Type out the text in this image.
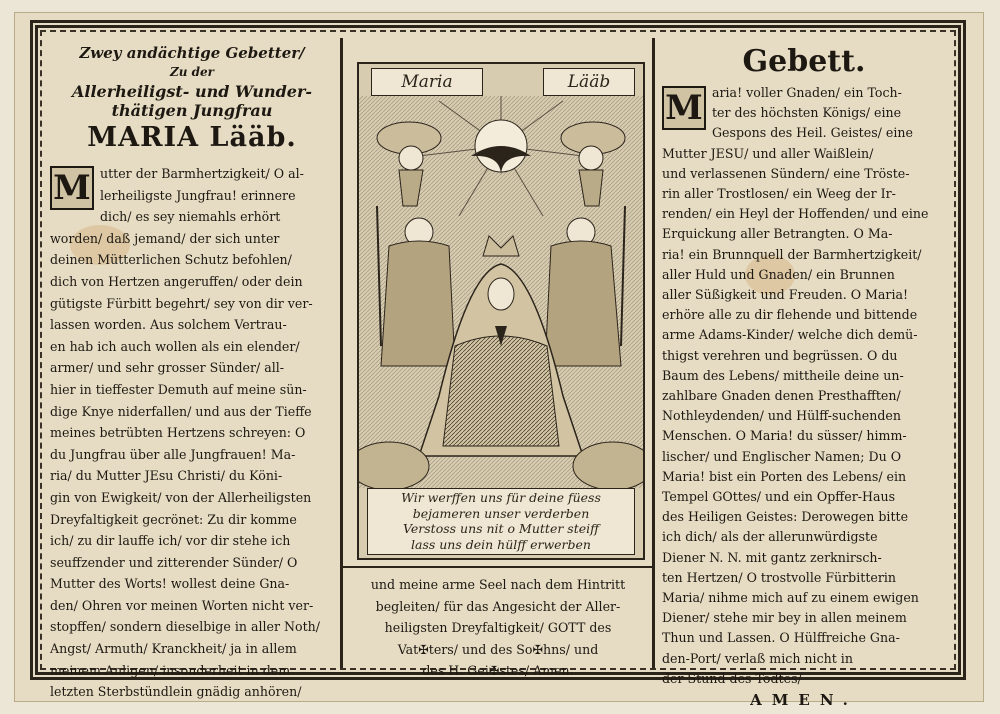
Zwey andächtige Gebetter/
Zu der
Allerheiligst- und Wunder-
thätigen Jungfrau
MARIA Lääb.
M utter der Barmhertzigkeit/ O al-
lerheiligste Jungfrau! erinnere
dich/ es sey niemahls erhört
worden/ daß jemand/ der sich unter
deinen Mütterlichen Schutz befohlen/
dich von Hertzen angeruffen/ oder dein
gütigste Fürbitt begehrt/ sey von dir ver-
lassen worden. Aus solchem Vertrau-
en hab ich auch wollen als ein elender/
armer/ und sehr grosser Sünder/ all-
hier in tieffester Demuth auf meine sün-
dige Knye niderfallen/ und aus der Tieffe
meines betrübten Hertzens schreyen: O
du Jungfrau über alle Jungfrauen! Ma-
ria/ du Mutter JEsu Christi/ du Köni-
gin von Ewigkeit/ von der Allerheiligsten
Dreyfaltigkeit gecrönet: Zu dir komme
ich/ zu dir lauffe ich/ vor dir stehe ich
seuffzender und zitterender Sünder/ O
Mutter des Worts! wollest deine Gna-
den/ Ohren vor meinen Worten nicht ver-
stopffen/ sondern dieselbige in aller Noth/
Angst/ Armuth/ Kranckheit/ ja in allem
meinem Anligen/ insonderheit in dem
letzten Sterbstündlein gnädig anhören/
Maria	Lääb
Wir werffen uns für deine füess
bejameren unser verderben
Verstoss uns nit o Mutter steiff
lass uns dein hülff erwerben
und meine arme Seel nach dem Hintritt
begleiten/ für das Angesicht der Aller-
heiligsten Dreyfaltigkeit/ GOTT des
Vat✠ters/ und des So✠hns/ und
des H. Gei✠stes/ Amen.
Gebett.
M aria! voller Gnaden/ ein Toch-
ter des höchsten Königs/ eine
Gespons des Heil. Geistes/ eine
Mutter JESU/ und aller Waißlein/
und verlassenen Sündern/ eine Tröste-
rin aller Trostlosen/ ein Weeg der Ir-
renden/ ein Heyl der Hoffenden/ und eine
Erquickung aller Betrangten. O Ma-
ria! ein Brunnquell der Barmhertzigkeit/
aller Huld und Gnaden/ ein Brunnen
aller Süßigkeit und Freuden. O Maria!
erhöre alle zu dir flehende und bittende
arme Adams-Kinder/ welche dich demü-
thigst verehren und begrüssen. O du
Baum des Lebens/ mittheile deine un-
zahlbare Gnaden denen Presthafften/
Nothleydenden/ und Hülff-suchenden
Menschen. O Maria! du süsser/ himm-
lischer/ und Englischer Namen; Du O
Maria! bist ein Porten des Lebens/ ein
Tempel GOttes/ und ein Opffer-Haus
des Heiligen Geistes: Derowegen bitte
ich dich/ als der allerunwürdigste
Diener N. N. mit gantz zerknirsch-
ten Hertzen/ O trostvolle Fürbitterin
Maria/ nihme mich auf zu einem ewigen
Diener/ stehe mir bey in allen meinem
Thun und Lassen. O Hülffreiche Gna-
den-Port/ verlaß mich nicht in
der Stund des Todtes/
AMEN.
